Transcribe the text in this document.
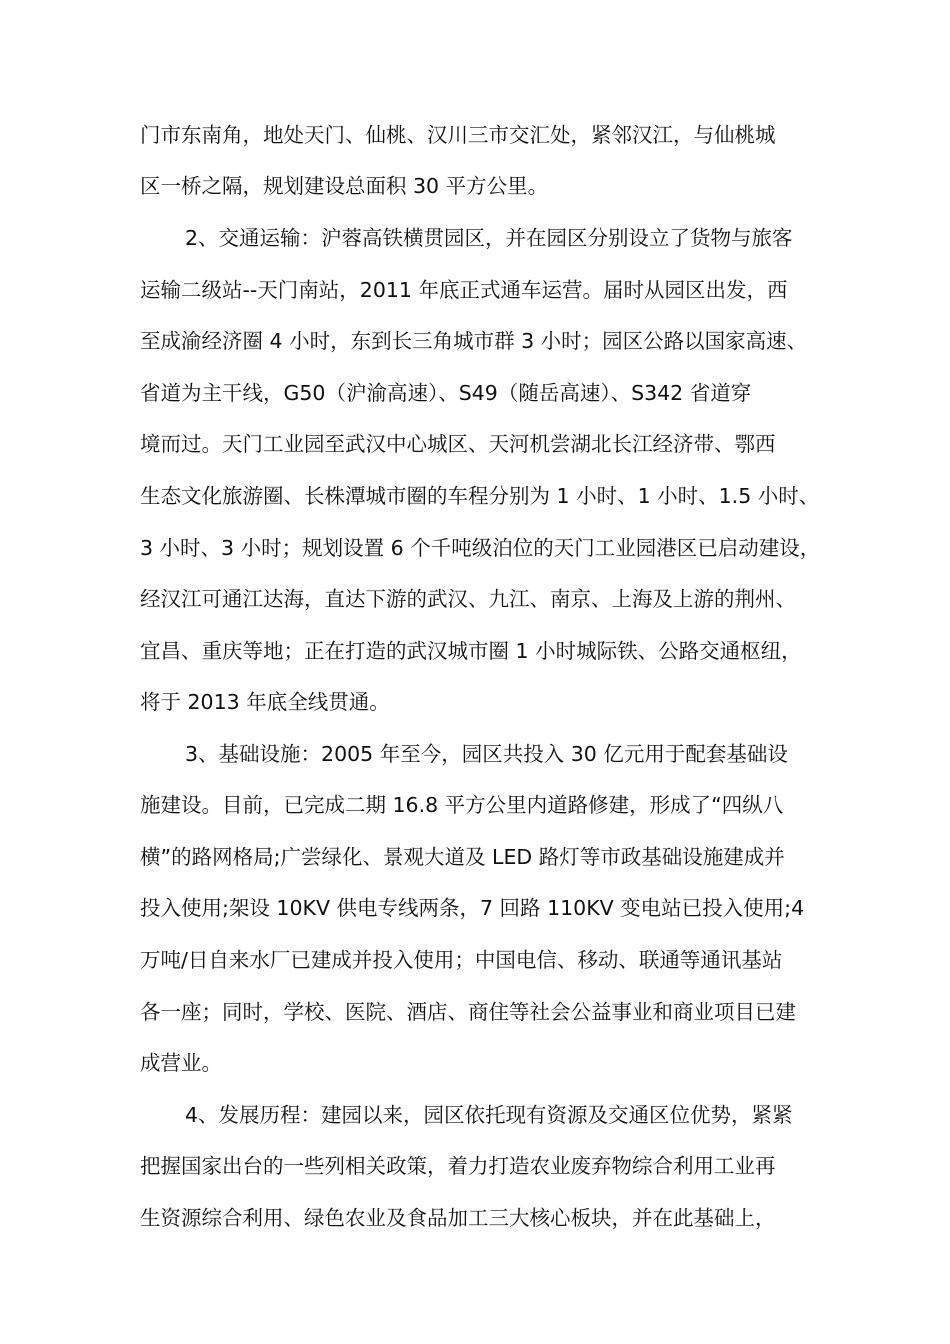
门市东南角，地处天门、仙桃、汉川三市交汇处，紧邻汉江，与仙桃城
区一桥之隔，规划建设总面积 30 平方公里。
2、交通运输：沪蓉高铁横贯园区，并在园区分别设立了货物与旅客
运输二级站--天门南站，2011 年底正式通车运营。届时从园区出发，西
至成渝经济圈 4 小时，东到长三角城市群 3 小时；园区公路以国家高速、
省道为主干线，G50（沪渝高速）、S49（随岳高速）、S342 省道穿
境而过。天门工业园至武汉中心城区、天河机尝湖北长江经济带、鄂西
生态文化旅游圈、长株潭城市圈的车程分别为 1 小时、1 小时、1.5 小时、
3 小时、3 小时；规划设置 6 个千吨级泊位的天门工业园港区已启动建设，
经汉江可通江达海，直达下游的武汉、九江、南京、上海及上游的荆州、
宜昌、重庆等地；正在打造的武汉城市圈 1 小时城际铁、公路交通枢纽，
将于 2013 年底全线贯通。
3、基础设施：2005 年至今，园区共投入 30 亿元用于配套基础设
施建设。目前，已完成二期 16.8 平方公里内道路修建，形成了“四纵八
横”的路网格局;广尝绿化、景观大道及 LED 路灯等市政基础设施建成并
投入使用;架设 10KV 供电专线两条，7 回路 110KV 变电站已投入使用;4
万吨/日自来水厂已建成并投入使用；中国电信、移动、联通等通讯基站
各一座；同时，学校、医院、酒店、商住等社会公益事业和商业项目已建
成营业。
4、发展历程：建园以来，园区依托现有资源及交通区位优势，紧紧
把握国家出台的一些列相关政策，着力打造农业废弃物综合利用工业再
生资源综合利用、绿色农业及食品加工三大核心板块，并在此基础上，
